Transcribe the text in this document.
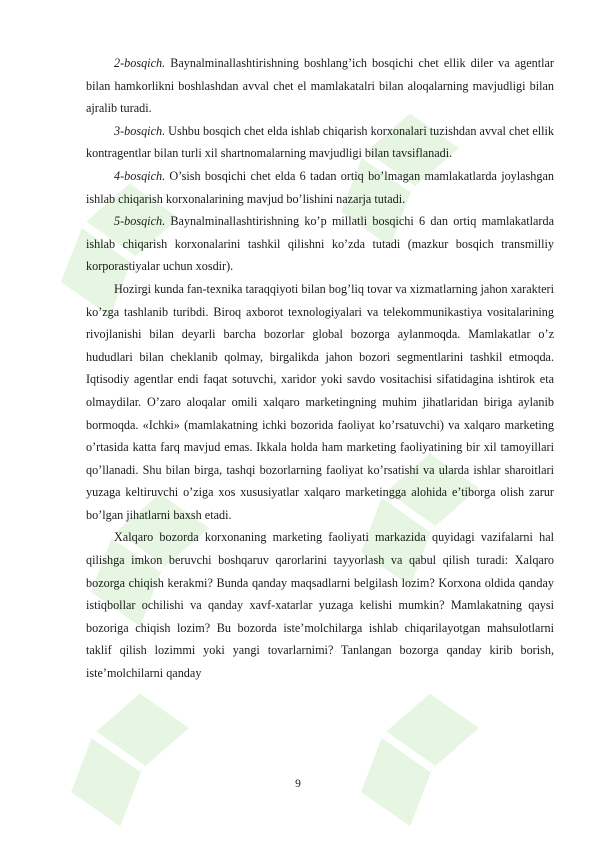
2-bosqich. Baynalminallashtirishning boshlang’ich bosqichi chet ellik diler va agentlar bilan hamkorlikni boshlashdan avval chet el mamlakatalri bilan aloqalarning mavjudligi bilan ajralib turadi.

3-bosqich. Ushbu bosqich chet elda ishlab chiqarish korxonalari tuzishdan avval chet ellik kontragentlar bilan turli xil shartnomalarning mavjudligi bilan tavsiflanadi.

4-bosqich. O’sish bosqichi chet elda 6 tadan ortiq bo’lmagan mamlakatlarda joylashgan ishlab chiqarish korxonalarining mavjud bo’lishini nazarja tutadi.

5-bosqich. Baynalminallashtirishning ko’p millatli bosqichi 6 dan ortiq mamlakatlarda ishlab chiqarish korxonalarini tashkil qilishni ko’zda tutadi (mazkur bosqich transmilliy korporastiyalar uchun xosdir).

Hozirgi kunda fan-texnika taraqqiyoti bilan bog’liq tovar va xizmatlarning jahon xarakteri ko’zga tashlanib turibdi. Biroq axborot texnologiyalari va telekommunikastiya vositalarining rivojlanishi bilan deyarli barcha bozorlar global bozorga aylanmoqda. Mamlakatlar o’z hududlari bilan cheklanib qolmay, birgalikda jahon bozori segmentlarini tashkil etmoqda. Iqtisodiy agentlar endi faqat sotuvchi, xaridor yoki savdo vositachisi sifatidagina ishtirok eta olmaydilar. O’zaro aloqalar omili xalqaro marketingning muhim jihatlaridan biriga aylanib bormoqda. «Ichki» (mamlakatning ichki bozorida faoliyat ko’rsatuvchi) va xalqaro marketing o’rtasida katta farq mavjud emas. Ikkala holda ham marketing faoliyatining bir xil tamoyillari qo’llanadi. Shu bilan birga, tashqi bozorlarning faoliyat ko’rsatishi va ularda ishlar sharoitlari yuzaga keltiruvchi o’ziga xos xususiyatlar xalqaro marketingga alohida e’tiborga olish zarur bo’lgan jihatlarni baxsh etadi.

Xalqaro bozorda korxonaning marketing faoliyati markazida quyidagi vazifalarni hal qilishga imkon beruvchi boshqaruv qarorlarini tayyorlash va qabul qilish turadi: Xalqaro bozorga chiqish kerakmi? Bunda qanday maqsadlarni belgilash lozim? Korxona oldida qanday istiqbollar ochilishi va qanday xavf-xatarlar yuzaga kelishi mumkin? Mamlakatning qaysi bozoriga chiqish lozim? Bu bozorda iste’molchilarga ishlab chiqarilayotgan mahsulotlarni taklif qilish lozimmi yoki yangi tovarlarnimi? Tanlangan bozorga qanday kirib borish, iste’molchilarni qanday

9
